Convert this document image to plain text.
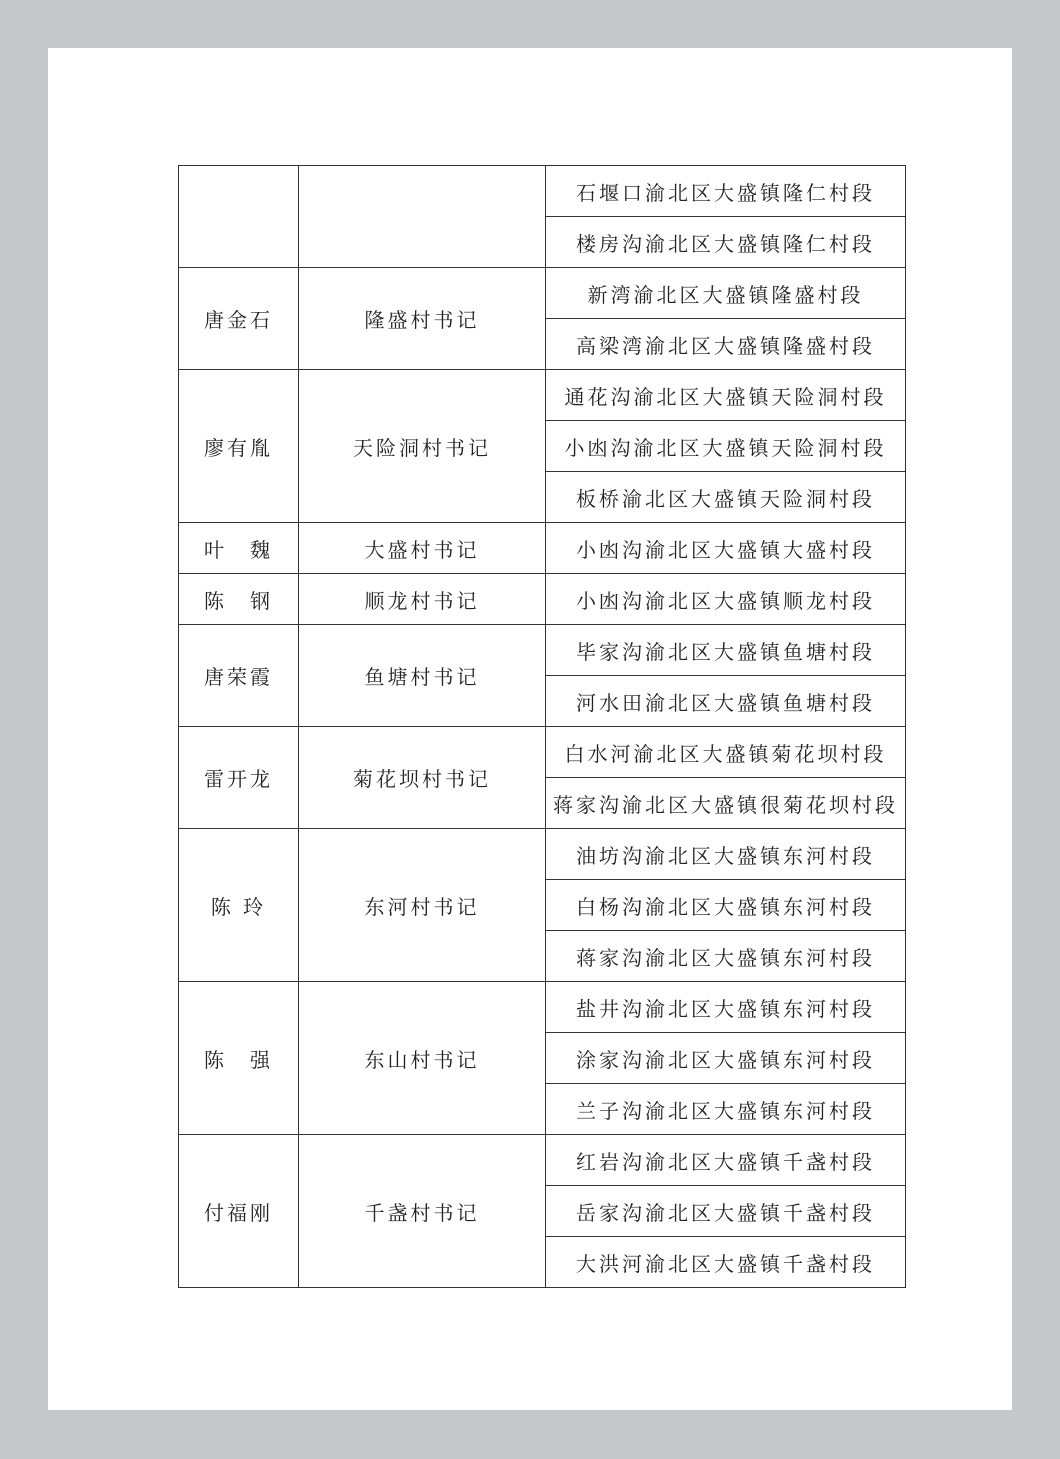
		石堰口渝北区大盛镇隆仁村段
		楼房沟渝北区大盛镇隆仁村段
唐金石	隆盛村书记	新湾渝北区大盛镇隆盛村段
		高梁湾渝北区大盛镇隆盛村段
廖有胤	天险洞村书记	通花沟渝北区大盛镇天险洞村段
		小凼沟渝北区大盛镇天险洞村段
		板桥渝北区大盛镇天险洞村段
叶　魏	大盛村书记	小凼沟渝北区大盛镇大盛村段
陈　钢	顺龙村书记	小凼沟渝北区大盛镇顺龙村段
唐荣霞	鱼塘村书记	毕家沟渝北区大盛镇鱼塘村段
		河水田渝北区大盛镇鱼塘村段
雷开龙	菊花坝村书记	白水河渝北区大盛镇菊花坝村段
		蒋家沟渝北区大盛镇很菊花坝村段
陈 玲	东河村书记	油坊沟渝北区大盛镇东河村段
		白杨沟渝北区大盛镇东河村段
		蒋家沟渝北区大盛镇东河村段
陈　强	东山村书记	盐井沟渝北区大盛镇东河村段
		涂家沟渝北区大盛镇东河村段
		兰子沟渝北区大盛镇东河村段
付福刚	千盏村书记	红岩沟渝北区大盛镇千盏村段
		岳家沟渝北区大盛镇千盏村段
		大洪河渝北区大盛镇千盏村段
